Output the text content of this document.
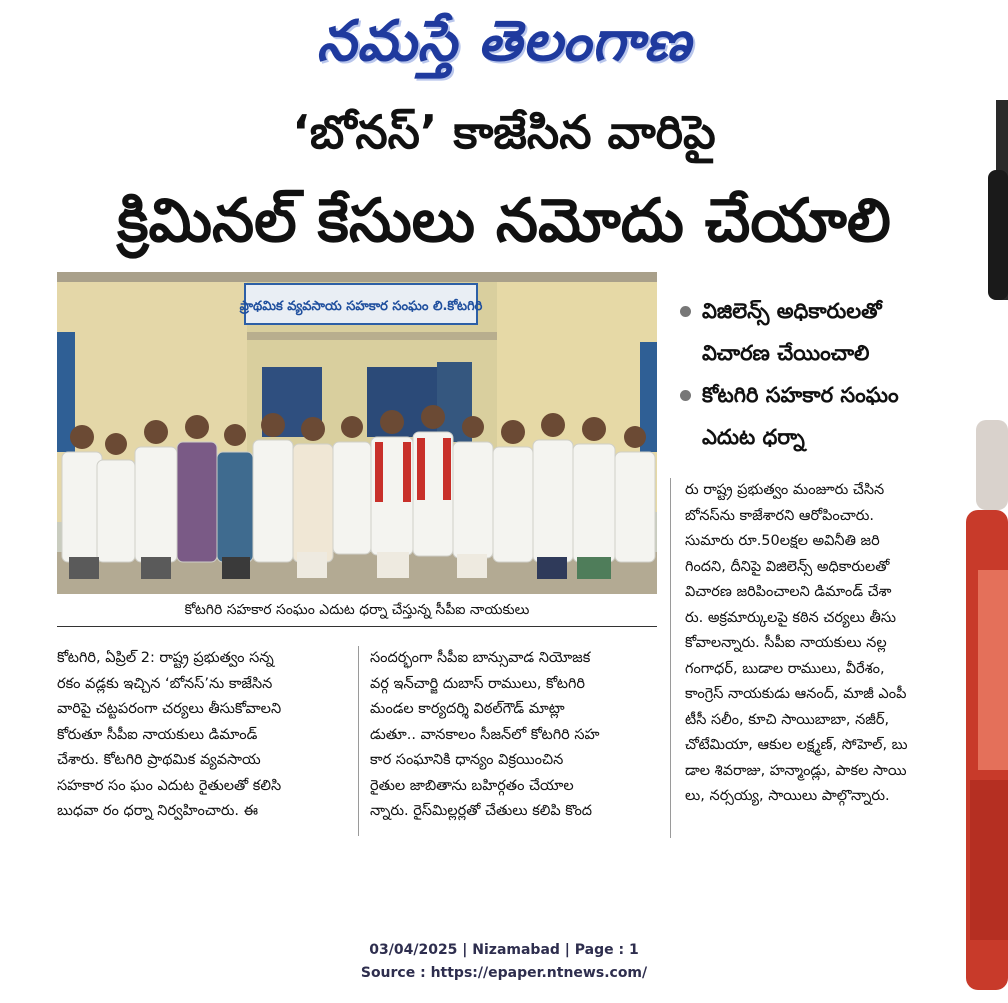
నమస్తే తెలంగాణ
‘బోనస్’ కాజేసిన వారిపై
క్రిమినల్ కేసులు నమోదు చేయాలి
ప్రాథమిక వ్యవసాయ సహకార సంఘం లి.కోటగిరి
కోటగిరి సహకార సంఘం ఎదుట ధర్నా చేస్తున్న సీపీఐ నాయకులు

విజిలెన్స్ అధికారులతో

విచారణ చేయించాలి

కోటగిరి సహకార సంఘం

ఎదుట ధర్నా

కోటగిరి, ఏప్రిల్ 2: రాష్ట్ర ప్రభుత్వం సన్న

రకం వడ్లకు ఇచ్చిన ‘బోనస్’ను కాజేసిన

వారిపై చట్టపరంగా చర్యలు తీసుకోవాలని

కోరుతూ సీపీఐ నాయకులు డిమాండ్

చేశారు. కోటగిరి ప్రాథమిక వ్యవసాయ

సహకార సం ఘం ఎదుట రైతులతో కలిసి

బుధవా రం ధర్నా నిర్వహించారు. ఈ

సందర్భంగా సీపీఐ బాన్సువాడ నియోజక

వర్గ ఇన్‌చార్జి దుబాస్ రాములు, కోటగిరి

మండల కార్యదర్శి విఠల్‌గౌడ్ మాట్లా

డుతూ.. వానకాలం సీజన్‌లో కోటగిరి సహ

కార సంఘానికి ధాన్యం విక్రయించిన

రైతుల జాబితాను బహిర్గతం చేయాల

న్నారు. రైస్‌మిల్లర్లతో చేతులు కలిపి కొంద

రు రాష్ట్ర ప్రభుత్వం మంజూరు చేసిన

బోనస్‌ను కాజేశారని ఆరోపించారు.

సుమారు రూ.50లక్షల అవినీతి జరి

గిందని, దీనిపై విజిలెన్స్ అధికారులతో

విచారణ జరిపించాలని డిమాండ్ చేశా

రు. అక్రమార్కులపై కఠిన చర్యలు తీసు

కోవాలన్నారు. సీపీఐ నాయకులు నల్ల

గంగాధర్, బుడాల రాములు, వీరేశం,

కాంగ్రెస్ నాయకుడు ఆనంద్, మాజీ ఎంపీ

టీసీ సలీం, కూచి సాయిబాబా, నజీర్,

చోటేమియా, ఆకుల లక్ష్మణ్, సోహెల్, బు

డాల శివరాజు, హన్మాండ్లు, పాకల సాయి

లు, నర్సయ్య, సాయిలు పాల్గొన్నారు.

03/04/2025 | Nizamabad | Page : 1
Source : https://epaper.ntnews.com/
